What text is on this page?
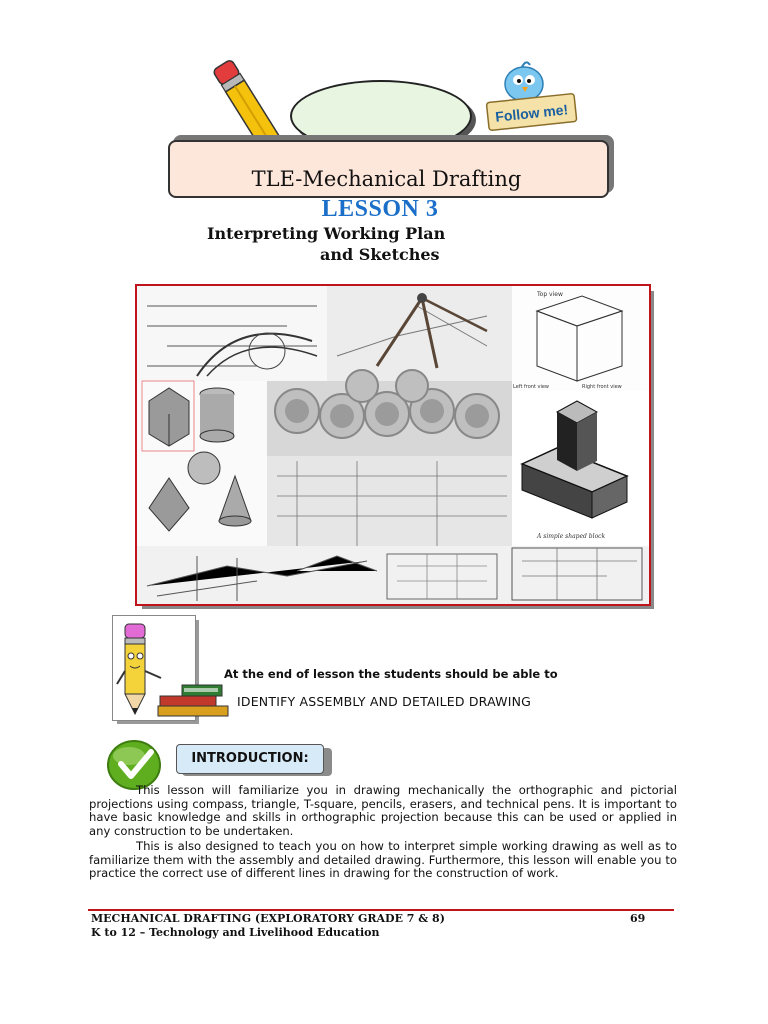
Follow me!
TLE-Mechanical Drafting
LESSON 3
Interpreting Working Plan
and Sketches
Top view
Left front view	Right front view
A simple shaped block
At the end of lesson the students should be able to
IDENTIFY ASSEMBLY AND DETAILED DRAWING
INTRODUCTION:
This lesson will familiarize you in drawing mechanically the orthographic and pictorial projections using compass, triangle, T-square, pencils, erasers, and technical pens. It is important to have basic knowledge and skills in orthographic projection because this can be used or applied in any construction to be undertaken.
This is also designed to teach you on how to interpret simple working drawing as well as to familiarize them with the assembly and detailed drawing. Furthermore, this lesson will enable you to practice the correct use of different lines in drawing for the construction of work.
MECHANICAL DRAFTING (EXPLORATORY GRADE 7 & 8)
K to 12 – Technology and Livelihood Education
69
